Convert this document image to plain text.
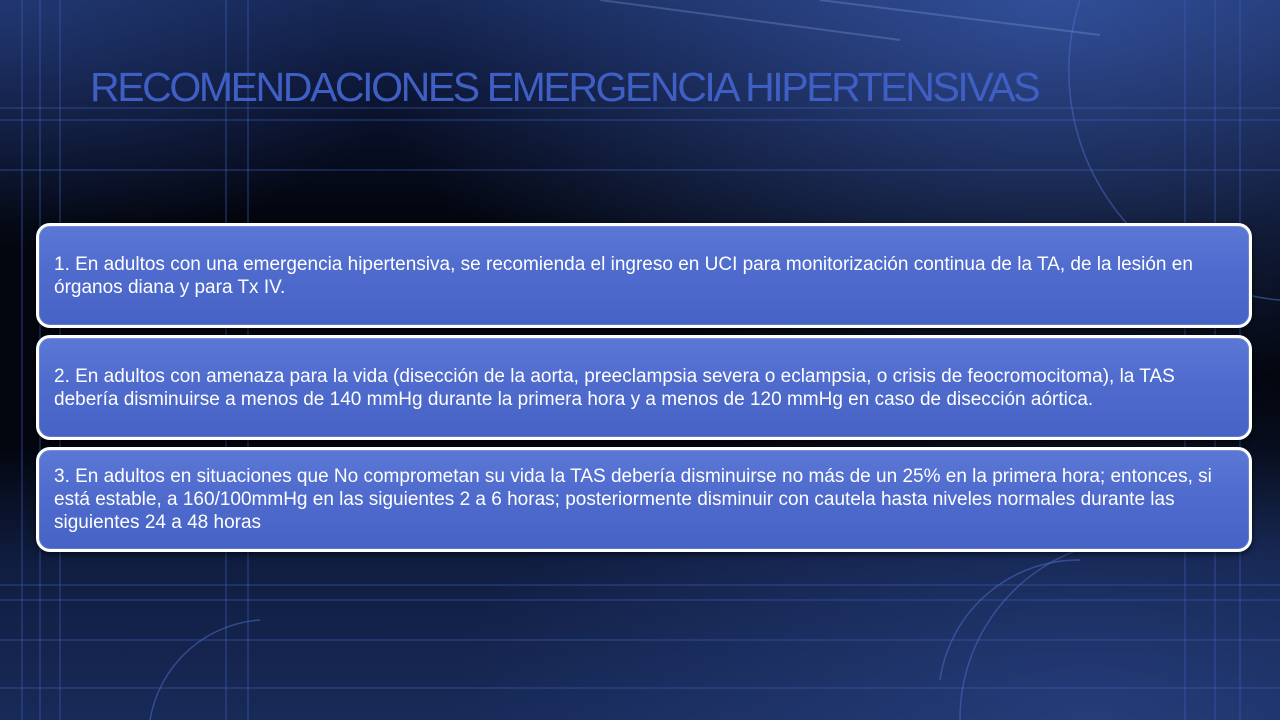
RECOMENDACIONES EMERGENCIA HIPERTENSIVAS
1. En adultos con una emergencia hipertensiva, se recomienda el ingreso en UCI para monitorización continua de la TA, de la lesión en órganos diana y para Tx IV.
2. En adultos con amenaza para la vida (disección de la aorta, preeclampsia severa o eclampsia, o crisis de feocromocitoma), la TAS debería disminuirse a menos de 140 mmHg durante la primera hora y a menos de 120 mmHg en caso de disección aórtica.
3. En adultos en situaciones que No comprometan su vida la TAS debería disminuirse no más de un 25% en la primera hora; entonces, si está estable, a 160/100mmHg en las siguientes 2 a 6 horas; posteriormente disminuir con cautela hasta niveles normales durante las siguientes 24 a 48 horas
